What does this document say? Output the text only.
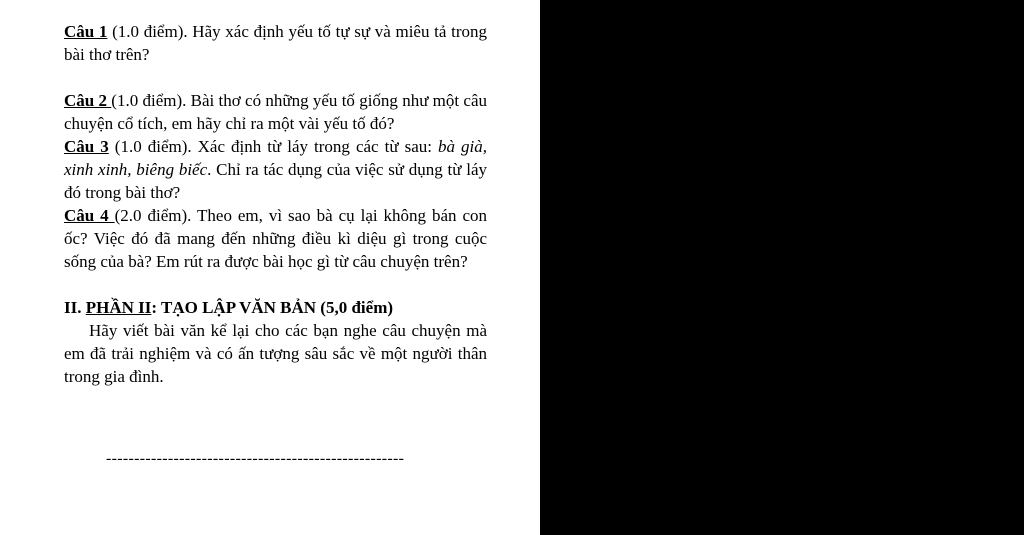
Câu 1 (1.0 điểm). Hãy xác định yếu tố tự sự và miêu tả trong bài thơ trên?

Câu 2 (1.0 điểm). Bài thơ có những yếu tố giống như một câu chuyện cổ tích, em hãy chỉ ra một vài yếu tố đó?

Câu 3 (1.0 điểm). Xác định từ láy trong các từ sau: bà già, xinh xinh, biêng biếc. Chỉ ra tác dụng của việc sử dụng từ láy đó trong bài thơ?

Câu 4 (2.0 điểm). Theo em, vì sao bà cụ lại không bán con ốc? Việc đó đã mang đến những điều kì diệu gì trong cuộc sống của bà? Em rút ra được bài học gì từ câu chuyện trên?

II. PHẦN II: TẠO LẬP VĂN BẢN (5,0 điểm)

Hãy viết bài văn kể lại cho các bạn nghe câu chuyện mà em đã trải nghiệm và có ấn tượng sâu sắc về một người thân trong gia đình.

-----------------------------------------------------
